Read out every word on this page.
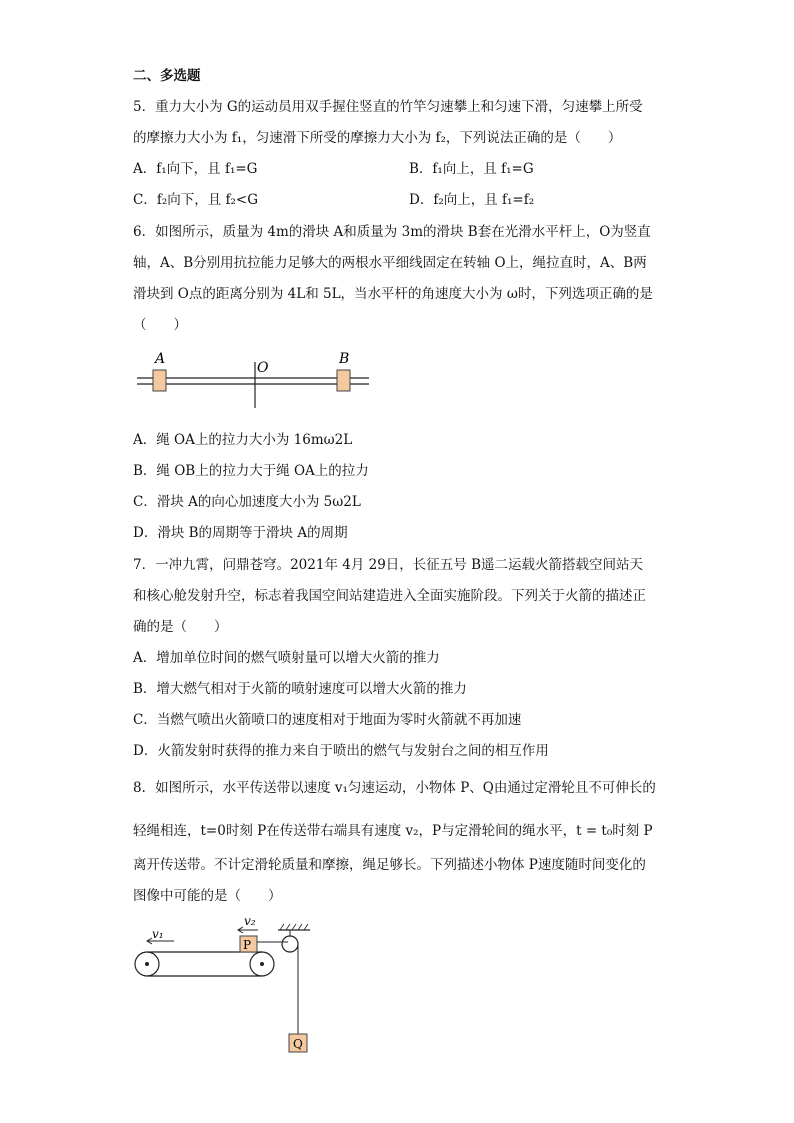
二、多选题
5．重力大小为 G的运动员用双手握住竖直的竹竿匀速攀上和匀速下滑，匀速攀上所受
的摩擦力大小为 f₁，匀速滑下所受的摩擦力大小为 f₂，下列说法正确的是（　　）
A．f₁向下，且 f₁=G	B．f₁向上，且 f₁=G
C．f₂向下，且 f₂<G	D．f₂向上，且 f₁=f₂
6．如图所示，质量为 4m的滑块 A和质量为 3m的滑块 B套在光滑水平杆上，O为竖直
轴，A、B分别用抗拉能力足够大的两根水平细线固定在转轴 O上，绳拉直时，A、B两
滑块到 O点的距离分别为 4L和 5L，当水平杆的角速度大小为 ω时，下列选项正确的是
（　　）
A
O
B
A．绳 OA上的拉力大小为 16mω2L
B．绳 OB上的拉力大于绳 OA上的拉力
C．滑块 A的向心加速度大小为 5ω2L
D．滑块 B的周期等于滑块 A的周期
7．一冲九霄，问鼎苍穹。2021年 4月 29日，长征五号 B遥二运载火箭搭载空间站天
和核心舱发射升空，标志着我国空间站建造进入全面实施阶段。下列关于火箭的描述正
确的是（　　）
A．增加单位时间的燃气喷射量可以增大火箭的推力
B．增大燃气相对于火箭的喷射速度可以增大火箭的推力
C．当燃气喷出火箭喷口的速度相对于地面为零时火箭就不再加速
D．火箭发射时获得的推力来自于喷出的燃气与发射台之间的相互作用
8．如图所示，水平传送带以速度 v₁匀速运动，小物体 P、Q由通过定滑轮且不可伸长的
轻绳相连，t=0时刻 P在传送带右端具有速度 v₂，P与定滑轮间的绳水平，t = t₀时刻 P
离开传送带。不计定滑轮质量和摩擦，绳足够长。下列描述小物体 P速度随时间变化的
图像中可能的是（　　）
v₁
v₂
P
Q
